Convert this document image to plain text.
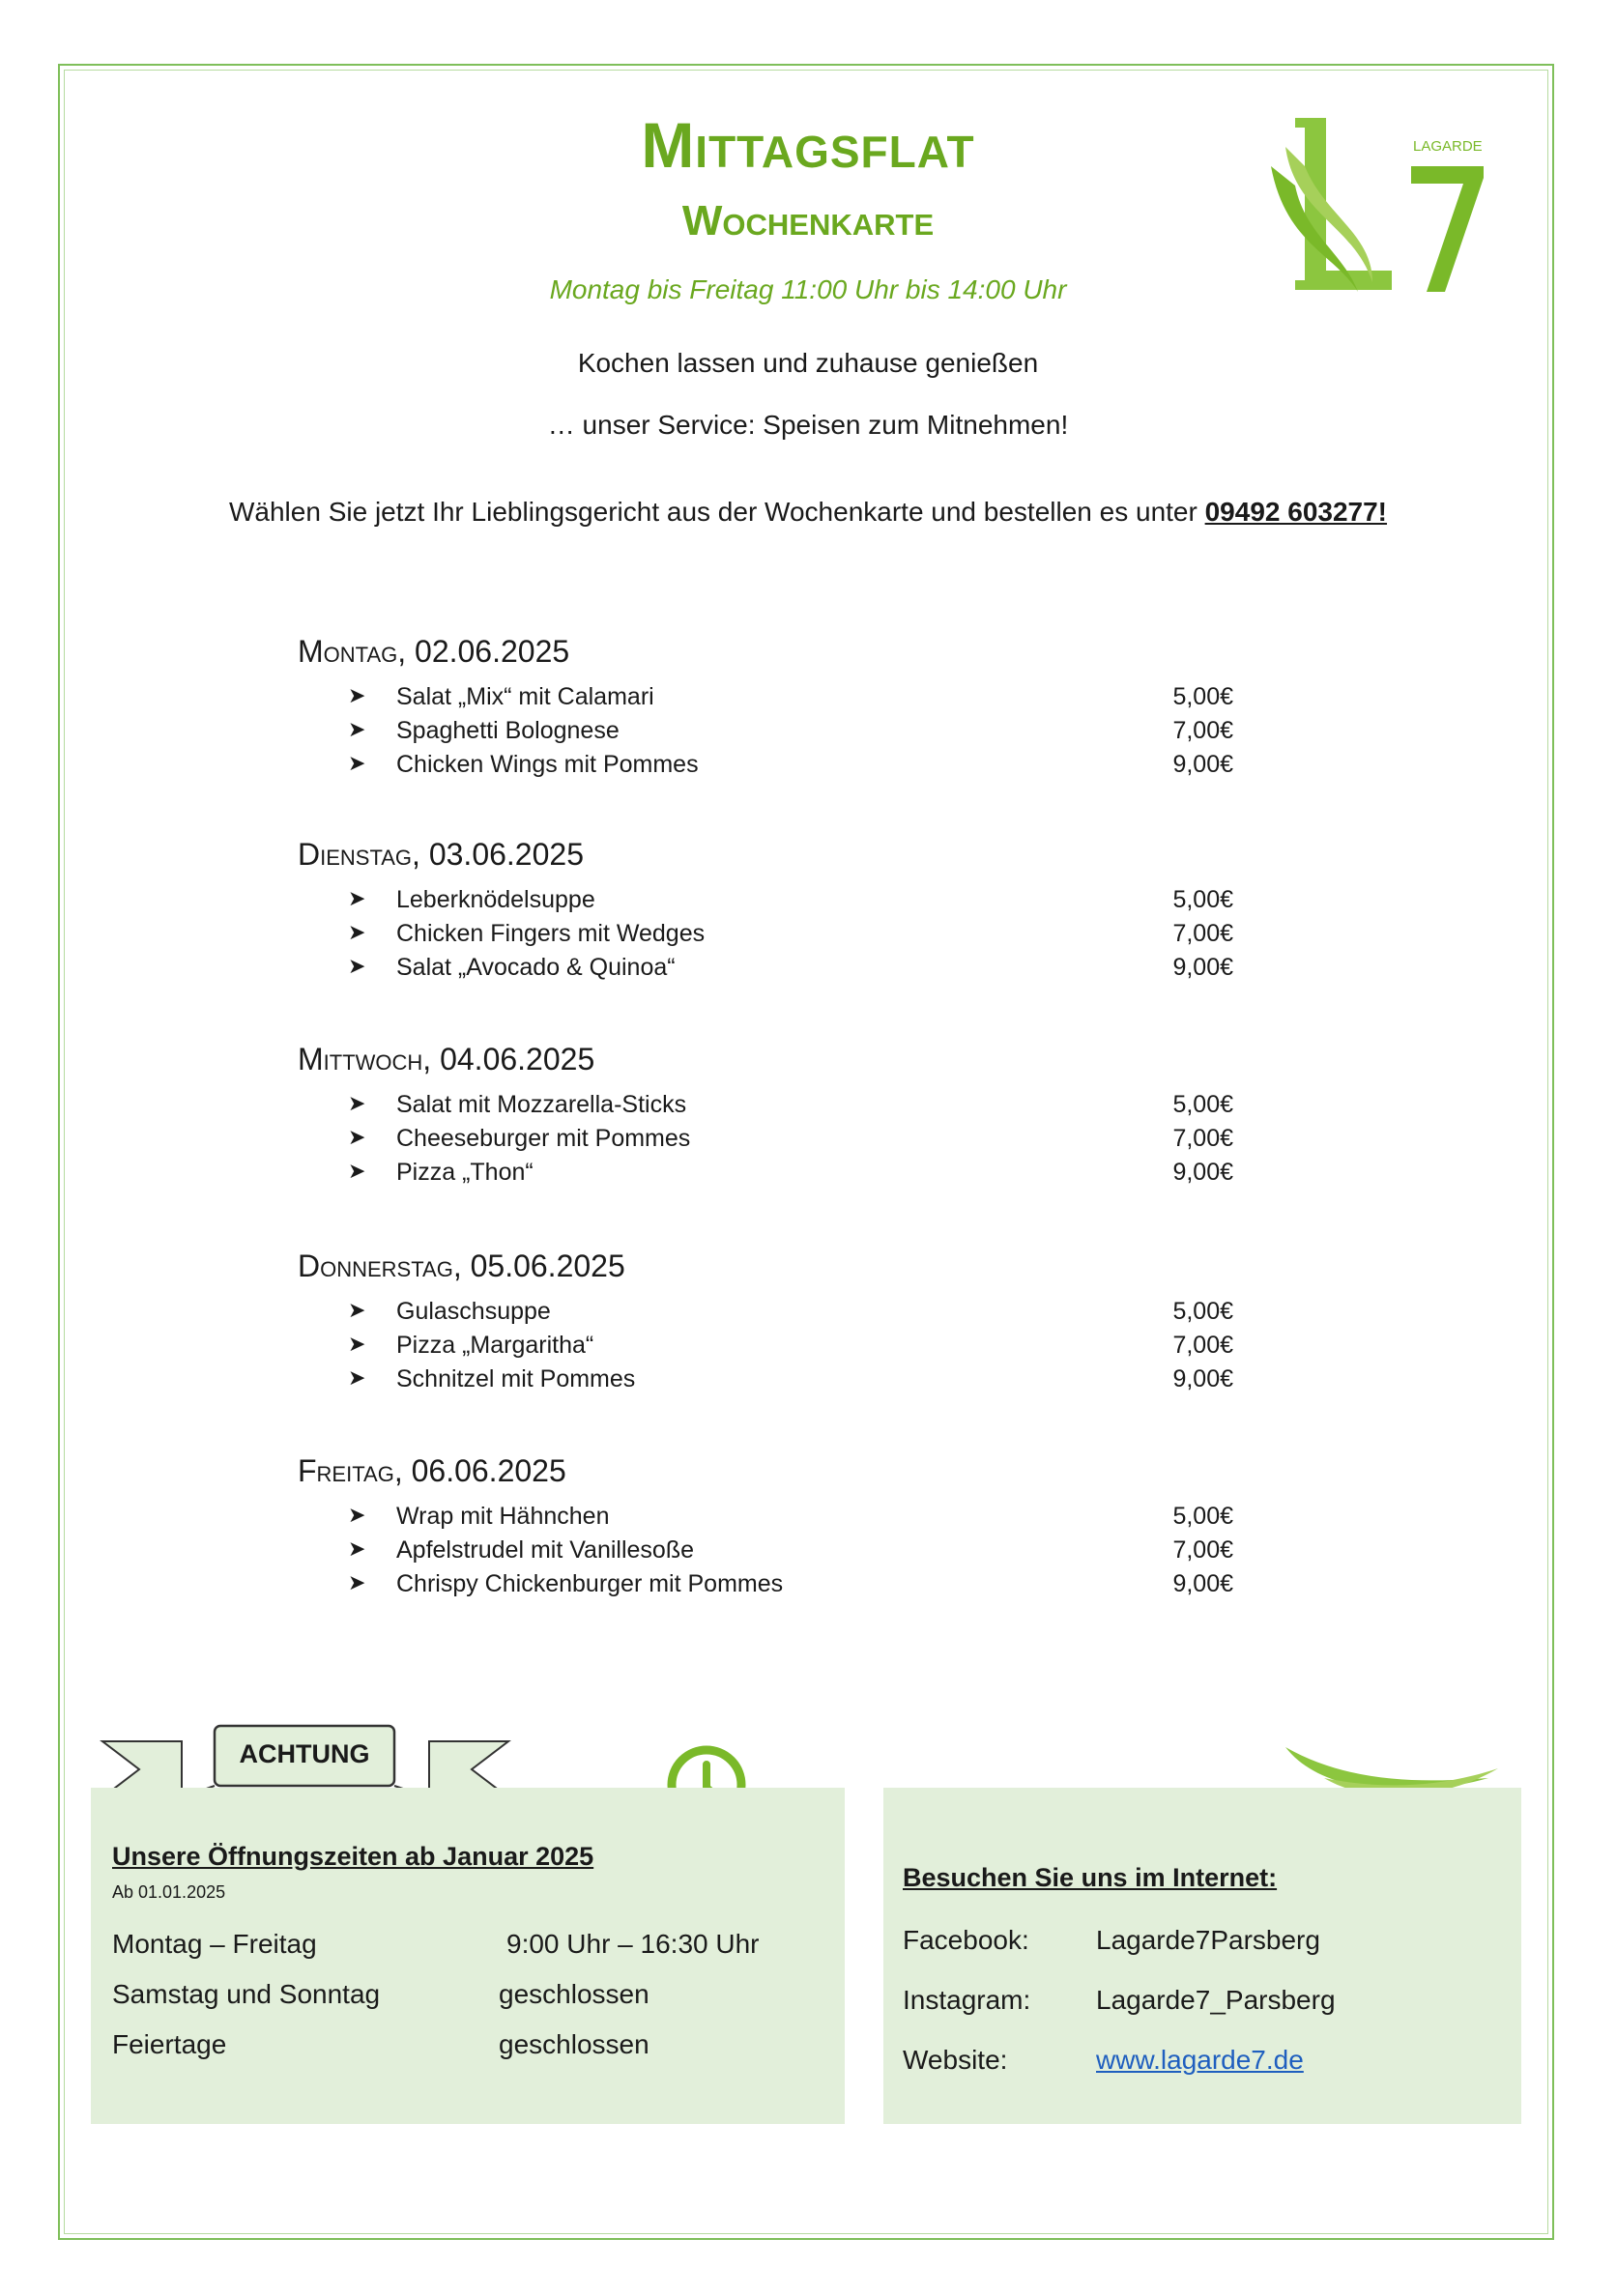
Mittagsflat
Wochenkarte
Montag bis Freitag 11:00 Uhr bis 14:00 Uhr
Kochen lassen und zuhause genießen
… unser Service: Speisen zum Mitnehmen!
Wählen Sie jetzt Ihr Lieblingsgericht aus der Wochenkarte und bestellen es unter 09492 603277!
LAGARDE
Montag, 02.06.2025
➤ Salat „Mix“ mit Calamari	5,00€
➤ Spaghetti Bolognese	7,00€
➤ Chicken Wings mit Pommes	9,00€
Dienstag, 03.06.2025
➤ Leberknödelsuppe	5,00€
➤ Chicken Fingers mit Wedges	7,00€
➤ Salat „Avocado & Quinoa“	9,00€
Mittwoch, 04.06.2025
➤ Salat mit Mozzarella-Sticks	5,00€
➤ Cheeseburger mit Pommes	7,00€
➤ Pizza „Thon“	9,00€
Donnerstag, 05.06.2025
➤ Gulaschsuppe	5,00€
➤ Pizza „Margaritha“	7,00€
➤ Schnitzel mit Pommes	9,00€
Freitag, 06.06.2025
➤ Wrap mit Hähnchen	5,00€
➤ Apfelstrudel mit Vanillesoße	7,00€
➤ Chrispy Chickenburger mit Pommes	9,00€
ACHTUNG
Unsere Öffnungszeiten ab Januar 2025
Ab 01.01.2025
Montag – Freitag	9:00 Uhr – 16:30 Uhr
Samstag und Sonntag	geschlossen
Feiertage	geschlossen
Besuchen Sie uns im Internet:
Facebook: Lagarde7Parsberg
Instagram: Lagarde7_Parsberg
Website:	www.lagarde7.de
